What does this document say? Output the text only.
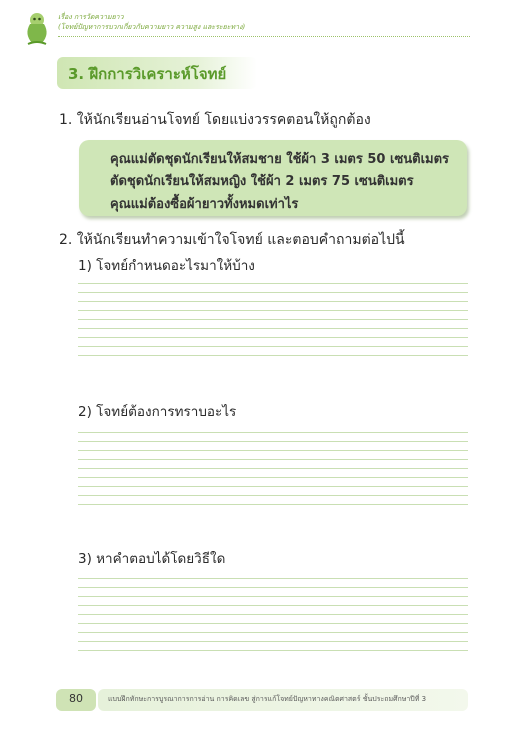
เรื่อง การวัดความยาว
(โจทย์ปัญหาการบวกเกี่ยวกับความยาว ความสูง และระยะทาง)
3. ฝึกการวิเคราะห์โจทย์
1. ให้นักเรียนอ่านโจทย์ โดยแบ่งวรรคตอนให้ถูกต้อง
คุณแม่ตัดชุดนักเรียนให้สมชาย ใช้ผ้า 3 เมตร 50 เซนติเมตร
ตัดชุดนักเรียนให้สมหญิง ใช้ผ้า 2 เมตร 75 เซนติเมตร
คุณแม่ต้องซื้อผ้ายาวทั้งหมดเท่าไร
2. ให้นักเรียนทำความเข้าใจโจทย์ และตอบคำถามต่อไปนี้
1) โจทย์กำหนดอะไรมาให้บ้าง
2) โจทย์ต้องการทราบอะไร
3) หาคำตอบได้โดยวิธีใด
80	แบบฝึกทักษะการบูรณาการการอ่าน การคิดเลข สู่การแก้โจทย์ปัญหาทางคณิตศาสตร์ ชั้นประถมศึกษาปีที่ 3
